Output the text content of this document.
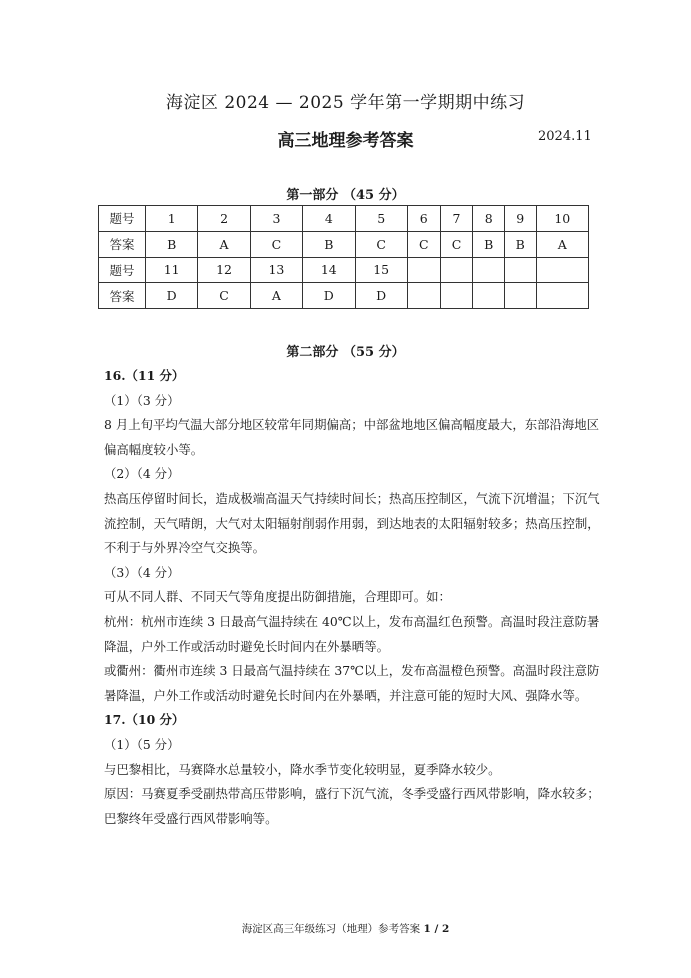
海淀区 2024 — 2025 学年第一学期期中练习
高三地理参考答案	2024.11
第一部分 （45 分）
题号	1	2	3	4	5	6	7	8	9	10
答案	B	A	C	B	C	C	C	B	B	A
题号	11	12	13	14	15					
答案	D	C	A	D	D					
第二部分 （55 分）
16.（11 分）
（1）（3 分）
8 月上旬平均气温大部分地区较常年同期偏高；中部盆地地区偏高幅度最大，东部沿海地区
偏高幅度较小等。
（2）（4 分）
热高压停留时间长，造成极端高温天气持续时间长；热高压控制区，气流下沉增温；下沉气
流控制，天气晴朗，大气对太阳辐射削弱作用弱，到达地表的太阳辐射较多；热高压控制，
不利于与外界冷空气交换等。
（3）（4 分）
可从不同人群、不同天气等角度提出防御措施，合理即可。如：
杭州：杭州市连续 3 日最高气温持续在 40℃以上，发布高温红色预警。高温时段注意防暑
降温，户外工作或活动时避免长时间内在外暴晒等。
或衢州：衢州市连续 3 日最高气温持续在 37℃以上，发布高温橙色预警。高温时段注意防
暑降温，户外工作或活动时避免长时间内在外暴晒，并注意可能的短时大风、强降水等。
17.（10 分）
（1）（5 分）
与巴黎相比，马赛降水总量较小，降水季节变化较明显，夏季降水较少。
原因：马赛夏季受副热带高压带影响，盛行下沉气流，冬季受盛行西风带影响，降水较多；
巴黎终年受盛行西风带影响等。
海淀区高三年级练习（地理）参考答案 1 / 2
